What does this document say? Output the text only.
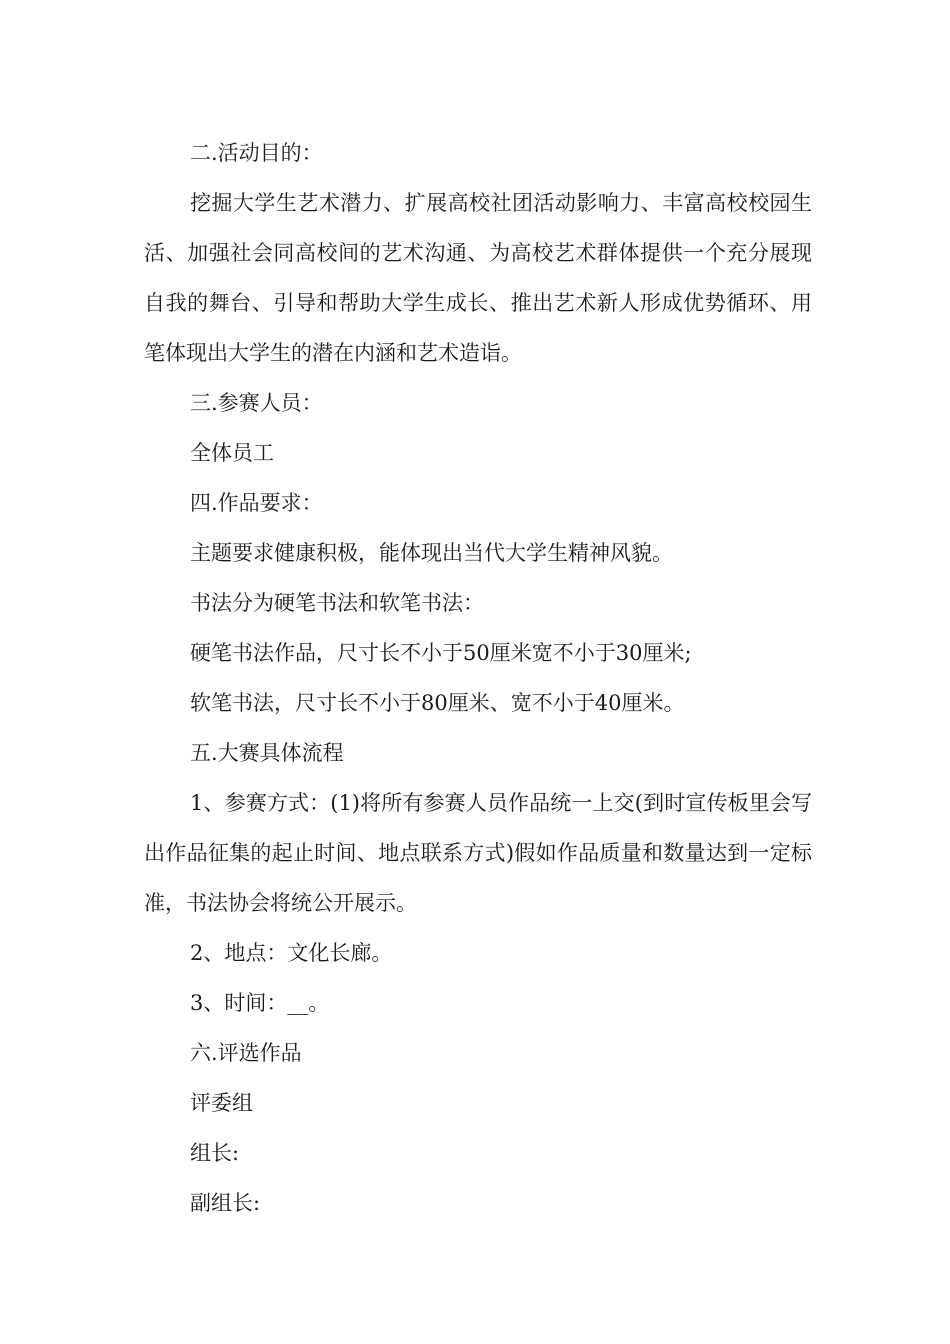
二.活动目的：

挖掘大学生艺术潜力、扩展高校社团活动影响力、丰富高校校园生活、加强社会同高校间的艺术沟通、为高校艺术群体提供一个充分展现自我的舞台、引导和帮助大学生成长、推出艺术新人形成优势循环、用笔体现出大学生的潜在内涵和艺术造诣。

三.参赛人员：

全体员工

四.作品要求：

主题要求健康积极，能体现出当代大学生精神风貌。

书法分为硬笔书法和软笔书法：

硬笔书法作品，尺寸长不小于50厘米宽不小于30厘米;

软笔书法，尺寸长不小于80厘米、宽不小于40厘米。

五.大赛具体流程

1、参赛方式：(1)将所有参赛人员作品统一上交(到时宣传板里会写出作品征集的起止时间、地点联系方式)假如作品质量和数量达到一定标准，书法协会将统公开展示。

2、地点：文化长廊。

3、时间：__。

六.评选作品

评委组

组长:

副组长:
